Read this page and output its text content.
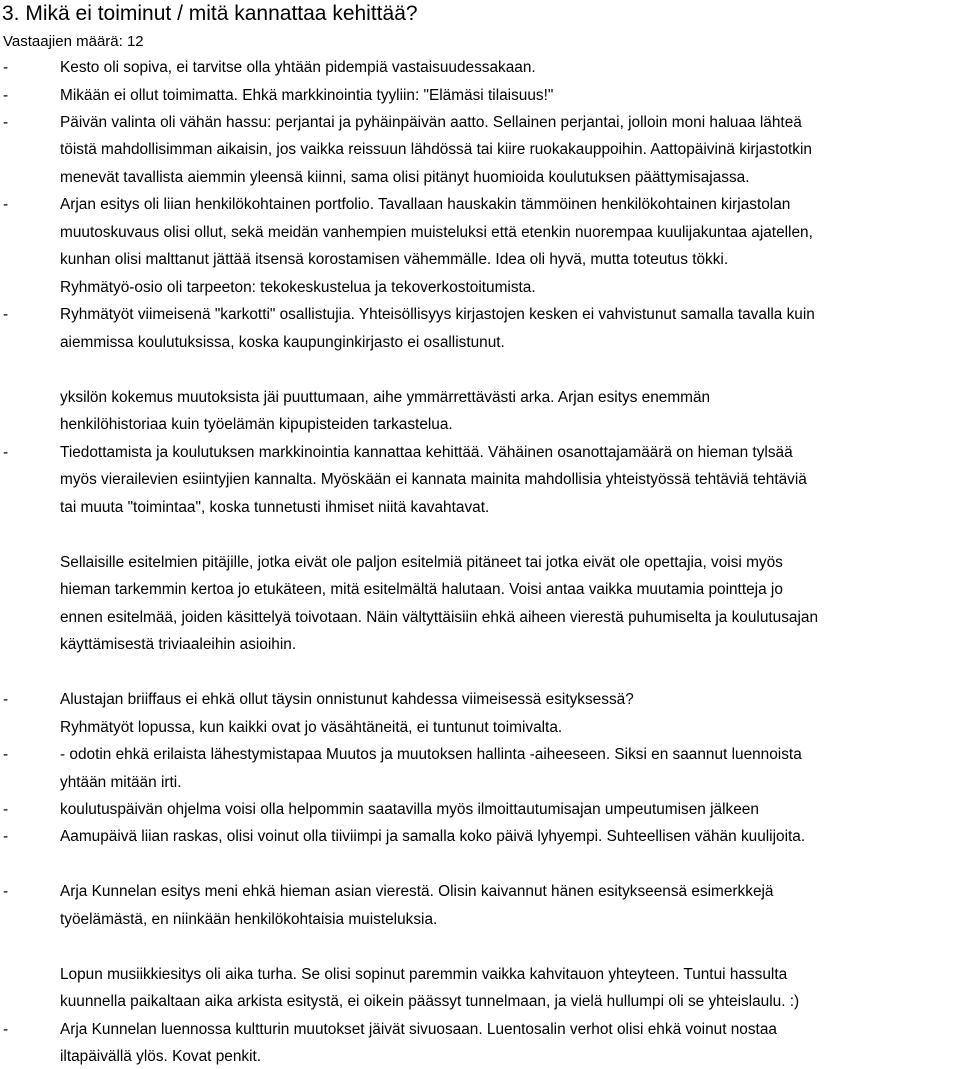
3. Mikä ei toiminut / mitä kannattaa kehittää?
Vastaajien määrä: 12
-
-
-
-
-
-
-
-
-
-
-
-
Kesto oli sopiva, ei tarvitse olla yhtään pidempiä vastaisuudessakaan.
Mikään ei ollut toimimatta. Ehkä markkinointia tyyliin: "Elämäsi tilaisuus!"
Päivän valinta oli vähän hassu: perjantai ja pyhäinpäivän aatto. Sellainen perjantai, jolloin moni haluaa lähteä
töistä mahdollisimman aikaisin, jos vaikka reissuun lähdössä tai kiire ruokakauppoihin. Aattopäivinä kirjastotkin
menevät tavallista aiemmin yleensä kiinni, sama olisi pitänyt huomioida koulutuksen päättymisajassa.
Arjan esitys oli liian henkilökohtainen portfolio. Tavallaan hauskakin tämmöinen henkilökohtainen kirjastolan
muutoskuvaus olisi ollut, sekä meidän vanhempien muisteluksi että etenkin nuorempaa kuulijakuntaa ajatellen,
kunhan olisi malttanut jättää itsensä korostamisen vähemmälle. Idea oli hyvä, mutta toteutus tökki.
Ryhmätyö-osio oli tarpeeton: tekokeskustelua ja tekoverkostoitumista.
Ryhmätyöt viimeisenä "karkotti" osallistujia. Yhteisöllisyys kirjastojen kesken ei vahvistunut samalla tavalla kuin
aiemmissa koulutuksissa, koska kaupunginkirjasto ei osallistunut.
yksilön kokemus muutoksista jäi puuttumaan, aihe ymmärrettävästi arka. Arjan esitys enemmän
henkilöhistoriaa kuin työelämän kipupisteiden tarkastelua.
Tiedottamista ja koulutuksen markkinointia kannattaa kehittää. Vähäinen osanottajamäärä on hieman tylsää
myös vierailevien esiintyjien kannalta. Myöskään ei kannata mainita mahdollisia yhteistyössä tehtäviä tehtäviä
tai muuta "toimintaa", koska tunnetusti ihmiset niitä kavahtavat.
Sellaisille esitelmien pitäjille, jotka eivät ole paljon esitelmiä pitäneet tai jotka eivät ole opettajia, voisi myös
hieman tarkemmin kertoa jo etukäteen, mitä esitelmältä halutaan. Voisi antaa vaikka muutamia pointteja jo
ennen esitelmää, joiden käsittelyä toivotaan. Näin vältyttäisiin ehkä aiheen vierestä puhumiselta ja koulutusajan
käyttämisestä triviaaleihin asioihin.
Alustajan briiffaus ei ehkä ollut täysin onnistunut kahdessa viimeisessä esityksessä?
Ryhmätyöt lopussa, kun kaikki ovat jo väsähtäneitä, ei tuntunut toimivalta.
- odotin ehkä erilaista lähestymistapaa Muutos ja muutoksen hallinta -aiheeseen. Siksi en saannut luennoista
yhtään mitään irti.
koulutuspäivän ohjelma voisi olla helpommin saatavilla myös ilmoittautumisajan umpeutumisen jälkeen
Aamupäivä liian raskas, olisi voinut olla tiiviimpi ja samalla koko päivä lyhyempi. Suhteellisen vähän kuulijoita.
Arja Kunnelan esitys meni ehkä hieman asian vierestä. Olisin kaivannut hänen esitykseensä esimerkkejä
työelämästä, en niinkään henkilökohtaisia muisteluksia.
Lopun musiikkiesitys oli aika turha. Se olisi sopinut paremmin vaikka kahvitauon yhteyteen. Tuntui hassulta
kuunnella paikaltaan aika arkista esitystä, ei oikein päässyt tunnelmaan, ja vielä hullumpi oli se yhteislaulu. :)
Arja Kunnelan luennossa kultturin muutokset jäivät sivuosaan. Luentosalin verhot olisi ehkä voinut nostaa
iltapäivällä ylös. Kovat penkit.
